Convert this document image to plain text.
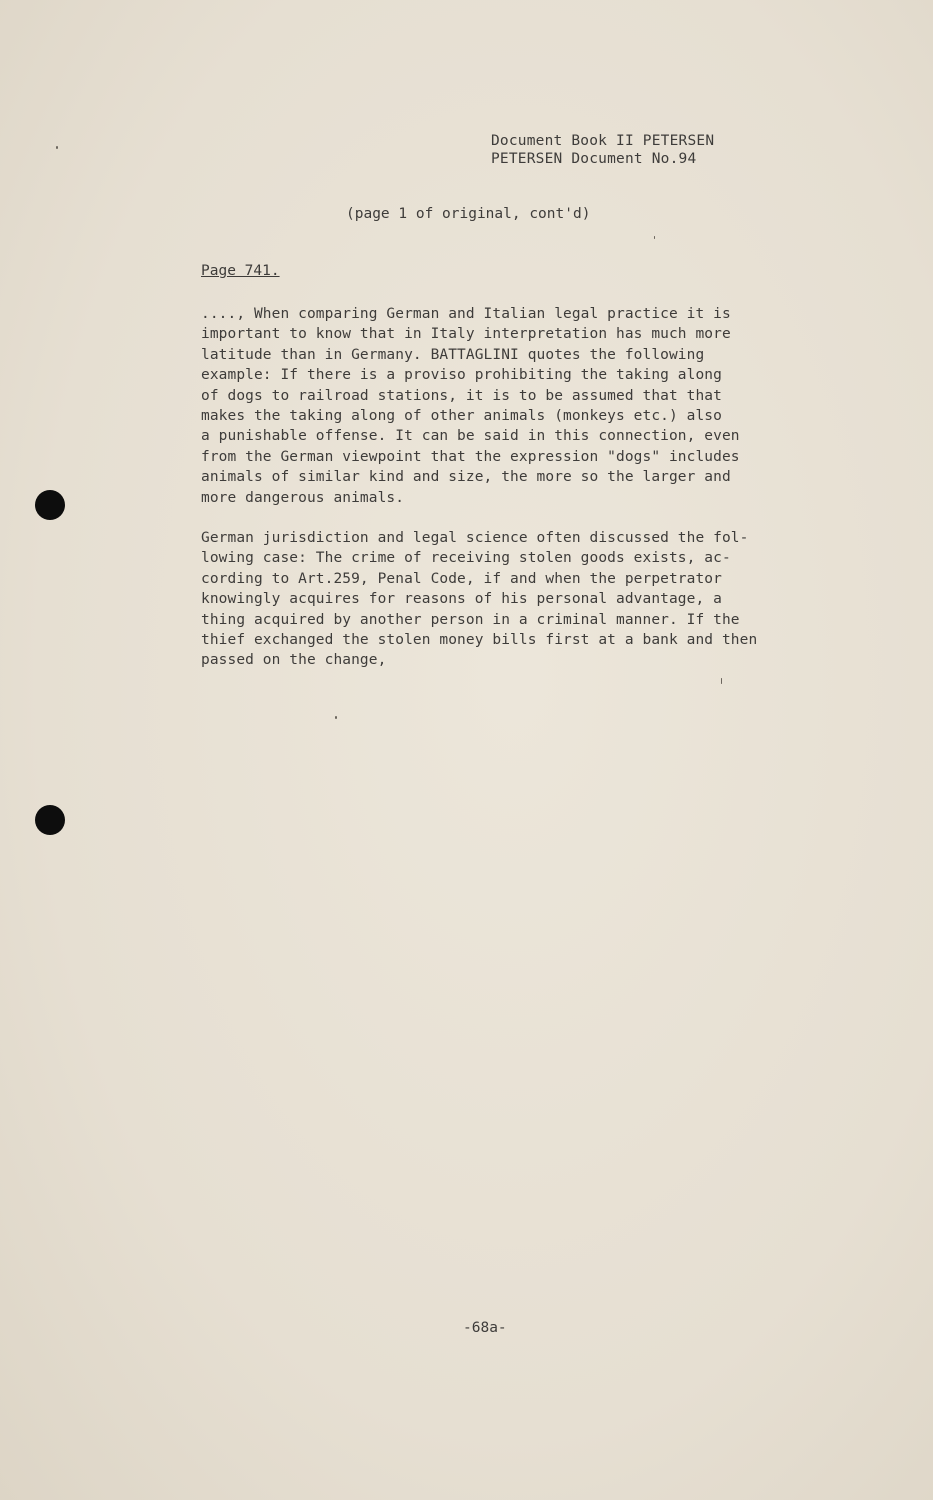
Document Book II PETERSEN
PETERSEN Document No.94
(page 1 of original, cont'd)
Page 741.
...., When comparing German and Italian legal practice it is
important to know that in Italy interpretation has much more
latitude than in Germany. BATTAGLINI quotes the following
example: If there is a proviso prohibiting the taking along
of dogs to railroad stations, it is to be assumed that that
makes the taking along of other animals (monkeys etc.) also
a punishable offense. It can be said in this connection, even
from the German viewpoint that the expression "dogs" includes
animals of similar kind and size, the more so the larger and
more dangerous animals.
German jurisdiction and legal science often discussed the fol-
lowing case: The crime of receiving stolen goods exists, ac-
cording to Art.259, Penal Code, if and when the perpetrator
knowingly acquires for reasons of his personal advantage, a
thing acquired by another person in a criminal manner. If the
thief exchanged the stolen money bills first at a bank and then
passed on the change,
-68a-
